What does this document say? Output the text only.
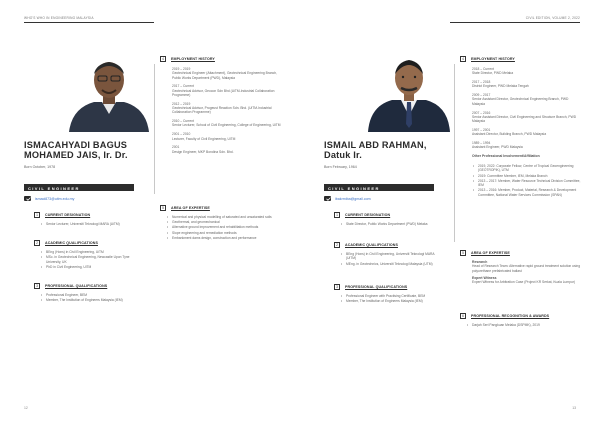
WHO'S WHO IN ENGINEERING MALAYSIA
ISMACAHYADI BAGUS
MOHAMED JAIS, Ir. Dr.
Born October, 1978
CIVIL ENGINEER
ismaci873@uitm.edu.my
1	CURRENT DESIGNATION
• Senior Lecturer, Universiti Teknologi MARA (UiTM)
2	ACADEMIC QUALIFICATIONS
• BEng (Hons) in Civil Engineering, UiTM
• MSc. in Geotechnical Engineering, Newcastle Upon Tyne University, UK
• PhD in Civil Engineering, UiTM
3	PROFESSIONAL QUALIFICATIONS
• Professional Engineer, BEM
• Member, The Institution of Engineers Malaysia (IEM)
4	EMPLOYMENT HISTORY
2019 – 2019
Geotechnical Engineer (Attachment), Geotechnical Engineering Branch, Public Works Department (PWD), Malaysia
2017 – Current
Geotechnical Advisor, Geocon Sdn Bhd (UiTM-Industrial Collaboration Programme)
2012 – 2019
Geotechnical Advisor, Progeust Reaction Sdn. Bhd. (UiTM-Industrial Collaboration Programme)
2010 – Current
Senior Lecturer, School of Civil Engineering, College of Engineering, UiTM
2001 – 2010
Lecturer, Faculty of Civil Engineering, UiTM
2001
Design Engineer, MKP Bondina Sdn. Bhd.
5	AREA OF EXPERTISE
• Numerical and physical modelling of saturated and unsaturated soils
• Geothermal, and geomechanical
• Alternative ground improvement and rehabilitation methods
• Slope engineering and remediation methods
• Embankment dams design, construction and performance
12
CIVIL EDITION, VOLUME 2, 2022
ISMAIL ABD RAHMAN,
Datuk Ir.
Born February, 1964
CIVIL ENGINEER
ibakrmiba@gmail.com
1	CURRENT DESIGNATION
• State Director, Public Works Department (PWD) Melaka
2	ACADEMIC QUALIFICATIONS
• BEng (Hons) in Civil Engineering, Universiti Teknologi MARA (UiTM)
• MEng. in Geotechnics, Universiti Teknologi Malaysia (UTM)
3	PROFESSIONAL QUALIFICATIONS
• Professional Engineer with Practising Certificate, BEM
• Member, The Institution of Engineers Malaysia (IEM)
4	EMPLOYMENT HISTORY
2018 – Current
State Director, PWD Melaka
2017 – 2018
District Engineer, PWD Melaka Tengah
2009 – 2017
Senior Assistant Director, Geotechnical Engineering Branch, PWD Malaysia
2007 – 2016
Senior Assistant Director, Civil Engineering and Structure Branch, PWD Malaysia
1997 – 2001
Assistant Director, Building Branch, PWD Malaysia
1989 – 1994
Assistant Engineer, PWD Malaysia
Other Professional Involvement/Affiliation
• 2019, 2022: Corporate Fellow, Centre of Tropical Geoengineering (GEOTROPIK), UTM
• 2019: Committee Member, IEM, Melaka Branch
• 2013 – 2017: Member, Water Resource Technical Division Committee, IEM
• 2013 – 2016: Member, Product, Material, Research & Development Committee, National Water Services Commission (SPAN)
5	AREA OF EXPERTISE
Research
Head of Research Team: Alternative rapid ground treatment solution using polyurethane prefabricated ballast
Expert Witness
Expert Witness for Arbitration Case (Project KR Serkat, Kuala Lumpur)
6	PROFESSIONAL RECOGNITION & AWARDS
• Darjah Seri Pangkuan Melaka (DSPMK), 2019
13
